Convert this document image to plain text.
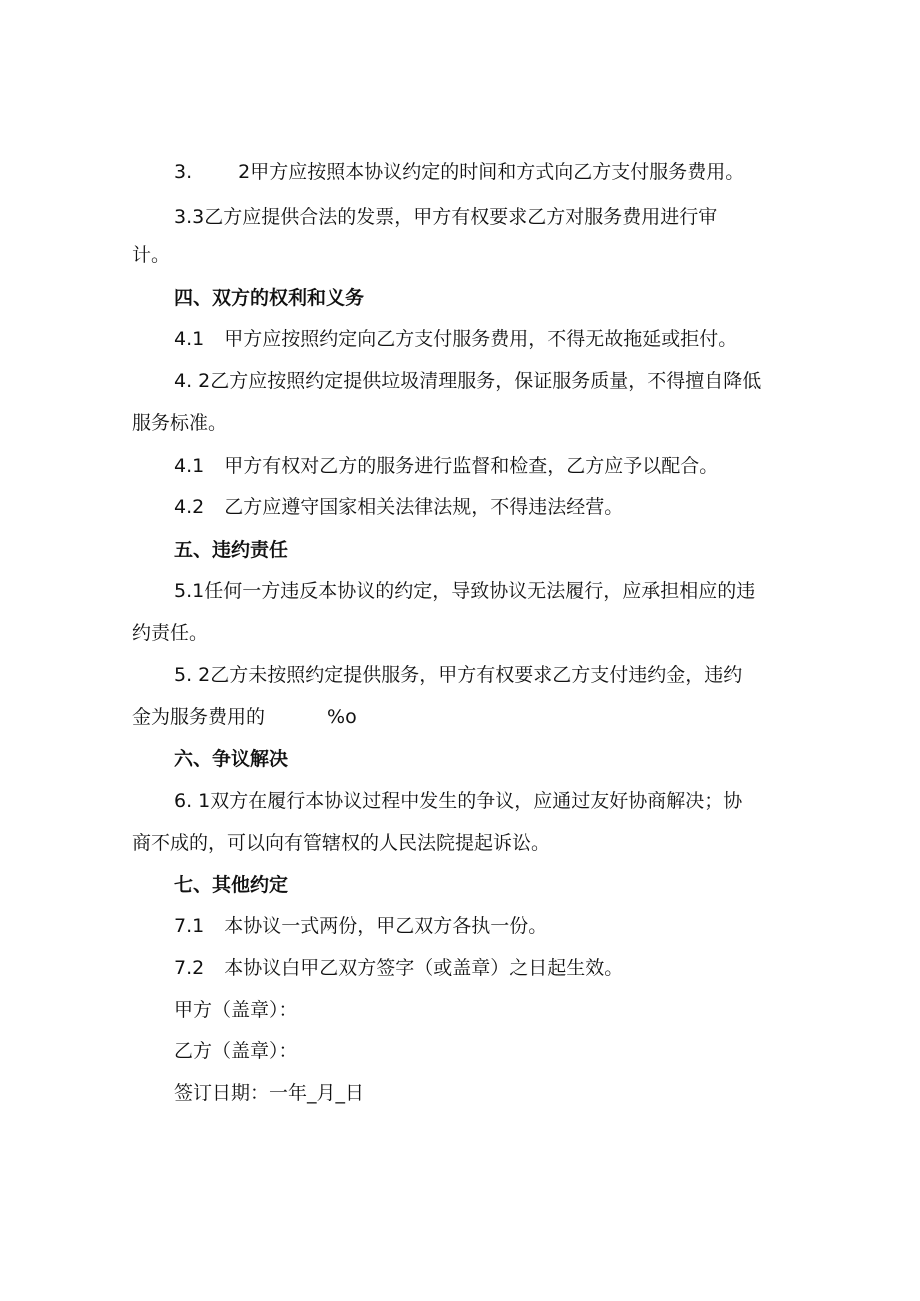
3. 2甲方应按照本协议约定的时间和方式向乙方支付服务费用。
3.3乙方应提供合法的发票，甲方有权要求乙方对服务费用进行审
计。
四、双方的权利和义务
4.1 甲方应按照约定向乙方支付服务费用，不得无故拖延或拒付。
4. 2乙方应按照约定提供垃圾清理服务，保证服务质量，不得擅自降低
服务标准。
4.1 甲方有权对乙方的服务进行监督和检查，乙方应予以配合。
4.2 乙方应遵守国家相关法律法规，不得违法经营。
五、违约责任
5.1任何一方违反本协议的约定，导致协议无法履行，应承担相应的违
约责任。
5. 2乙方未按照约定提供服务，甲方有权要求乙方支付违约金，违约
金为服务费用的	%o
六、争议解决
6. 1双方在履行本协议过程中发生的争议，应通过友好协商解决；协
商不成的，可以向有管辖权的人民法院提起诉讼。
七、其他约定
7.1 本协议一式两份，甲乙双方各执一份。
7.2 本协议白甲乙双方签字（或盖章）之日起生效。
甲方（盖章）：
乙方（盖章）：
签订日期：一年_月_日
